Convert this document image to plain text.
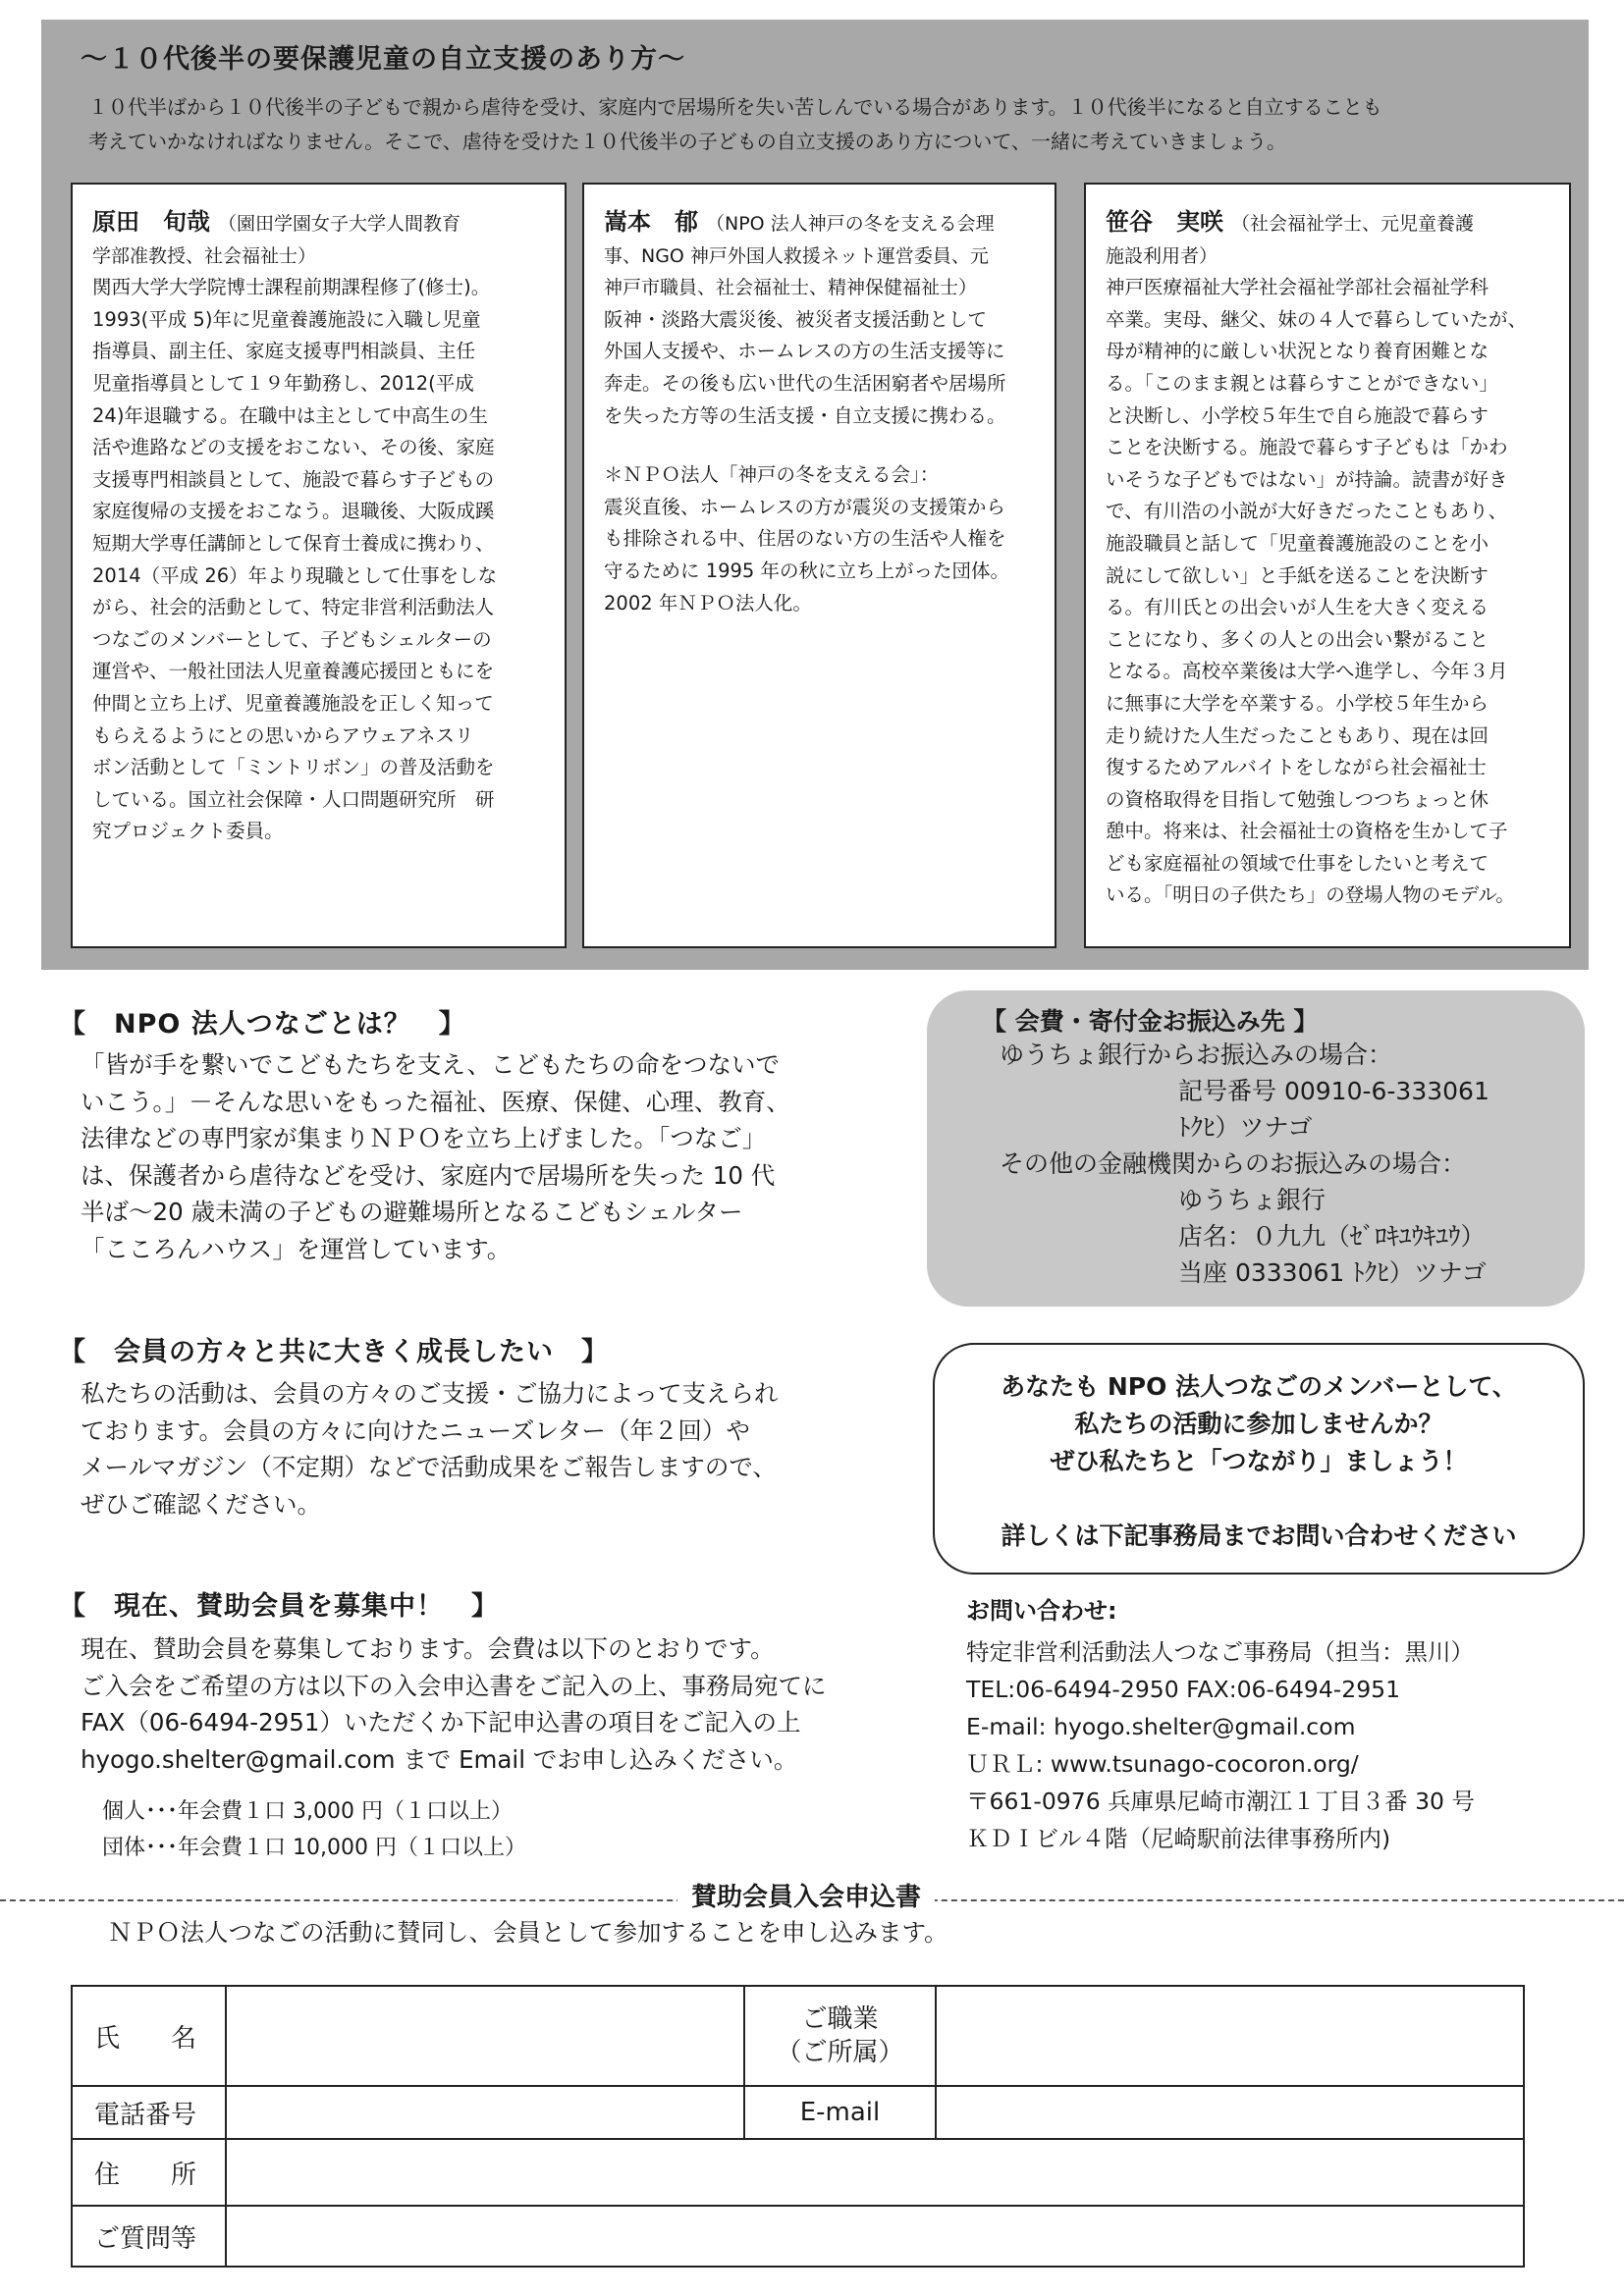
～１０代後半の要保護児童の自立支援のあり方～
１０代半ばから１０代後半の子どもで親から虐待を受け、家庭内で居場所を失い苦しんでいる場合があります。１０代後半になると自立することも
考えていかなければなりません。そこで、虐待を受けた１０代後半の子どもの自立支援のあり方について、一緒に考えていきましょう。
原田　旬哉 （園田学園女子大学人間教育
学部准教授、社会福祉士）
関西大学大学院博士課程前期課程修了(修士)。
1993(平成 5)年に児童養護施設に入職し児童
指導員、副主任、家庭支援専門相談員、主任
児童指導員として１９年勤務し、2012(平成
24)年退職する。在職中は主として中高生の生
活や進路などの支援をおこない、その後、家庭
支援専門相談員として、施設で暮らす子どもの
家庭復帰の支援をおこなう。退職後、大阪成蹊
短期大学専任講師として保育士養成に携わり、
2014（平成 26）年より現職として仕事をしな
がら、社会的活動として、特定非営利活動法人
つなごのメンバーとして、子どもシェルターの
運営や、一般社団法人児童養護応援団ともにを
仲間と立ち上げ、児童養護施設を正しく知って
もらえるようにとの思いからアウェアネスリ
ボン活動として「ミントリボン」の普及活動を
している。国立社会保障・人口問題研究所　研
究プロジェクト委員。
嵩本　郁 （NPO 法人神戸の冬を支える会理
事、NGO 神戸外国人救援ネット運営委員、元
神戸市職員、社会福祉士、精神保健福祉士）
阪神・淡路大震災後、被災者支援活動として
外国人支援や、ホームレスの方の生活支援等に
奔走。その後も広い世代の生活困窮者や居場所
を失った方等の生活支援・自立支援に携わる。
＊ＮＰＯ法人「神戸の冬を支える会」：
震災直後、ホームレスの方が震災の支援策から
も排除される中、住居のない方の生活や人権を
守るために 1995 年の秋に立ち上がった団体。
2002 年ＮＰＯ法人化。
笹谷　実咲 （社会福祉学士、元児童養護
施設利用者）
神戸医療福祉大学社会福祉学部社会福祉学科
卒業。実母、継父、妹の４人で暮らしていたが、
母が精神的に厳しい状況となり養育困難とな
る。「このまま親とは暮らすことができない」
と決断し、小学校５年生で自ら施設で暮らす
ことを決断する。施設で暮らす子どもは「かわ
いそうな子どもではない」が持論。読書が好き
で、有川浩の小説が大好きだったこともあり、
施設職員と話して「児童養護施設のことを小
説にして欲しい」と手紙を送ることを決断す
る。有川氏との出会いが人生を大きく変える
ことになり、多くの人との出会い繋がること
となる。高校卒業後は大学へ進学し、今年３月
に無事に大学を卒業する。小学校５年生から
走り続けた人生だったこともあり、現在は回
復するためアルバイトをしながら社会福祉士
の資格取得を目指して勉強しつつちょっと休
憩中。将来は、社会福祉士の資格を生かして子
ども家庭福祉の領域で仕事をしたいと考えて
いる。「明日の子供たち」の登場人物のモデル。
【　NPO 法人つなごとは？　】
「皆が手を繋いでこどもたちを支え、こどもたちの命をつないで
いこう。」－そんな思いをもった福祉、医療、保健、心理、教育、
法律などの専門家が集まりＮＰＯを立ち上げました。「つなご」
は、保護者から虐待などを受け、家庭内で居場所を失った 10 代
半ば～20 歳未満の子どもの避難場所となるこどもシェルター
「こころんハウス」を運営しています。
【　会員の方々と共に大きく成長したい　】
私たちの活動は、会員の方々のご支援・ご協力によって支えられ
ております。会員の方々に向けたニューズレター（年２回）や
メールマガジン（不定期）などで活動成果をご報告しますので、
ぜひご確認ください。
【　現在、賛助会員を募集中！　】
現在、賛助会員を募集しております。会費は以下のとおりです。
ご入会をご希望の方は以下の入会申込書をご記入の上、事務局宛てに
FAX（06-6494-2951）いただくか下記申込書の項目をご記入の上
hyogo.shelter@gmail.com まで Email でお申し込みください。
個人･･･年会費１口 3,000 円（１口以上）
団体･･･年会費１口 10,000 円（１口以上）
【 会費・寄付金お振込み先 】
ゆうちょ銀行からお振込みの場合：
記号番号 00910-6-333061
ﾄｸﾋ）ツナゴ
その他の金融機関からのお振込みの場合：
ゆうちょ銀行
店名：０九九（ｾﾞﾛｷﾕｳｷﾕｳ）
当座 0333061 ﾄｸﾋ）ツナゴ
あなたも NPO 法人つなごのメンバーとして、
私たちの活動に参加しませんか？
ぜひ私たちと「つながり」ましょう！
詳しくは下記事務局までお問い合わせください
お問い合わせ:
特定非営利活動法人つなご事務局（担当：黒川）
TEL:06-6494-2950 FAX:06-6494-2951
E-mail: hyogo.shelter@gmail.com
ＵＲＬ: www.tsunago-cocoron.org/
〒661-0976 兵庫県尼崎市潮江１丁目３番 30 号
ＫＤＩビル４階（尼崎駅前法律事務所内)
賛助会員入会申込書
ＮＰＯ法人つなごの活動に賛同し、会員として参加することを申し込みます。
氏　　名		ご職業
（ご所属）	

電話番号		E-mail	
住　　所			
ご質問等			
